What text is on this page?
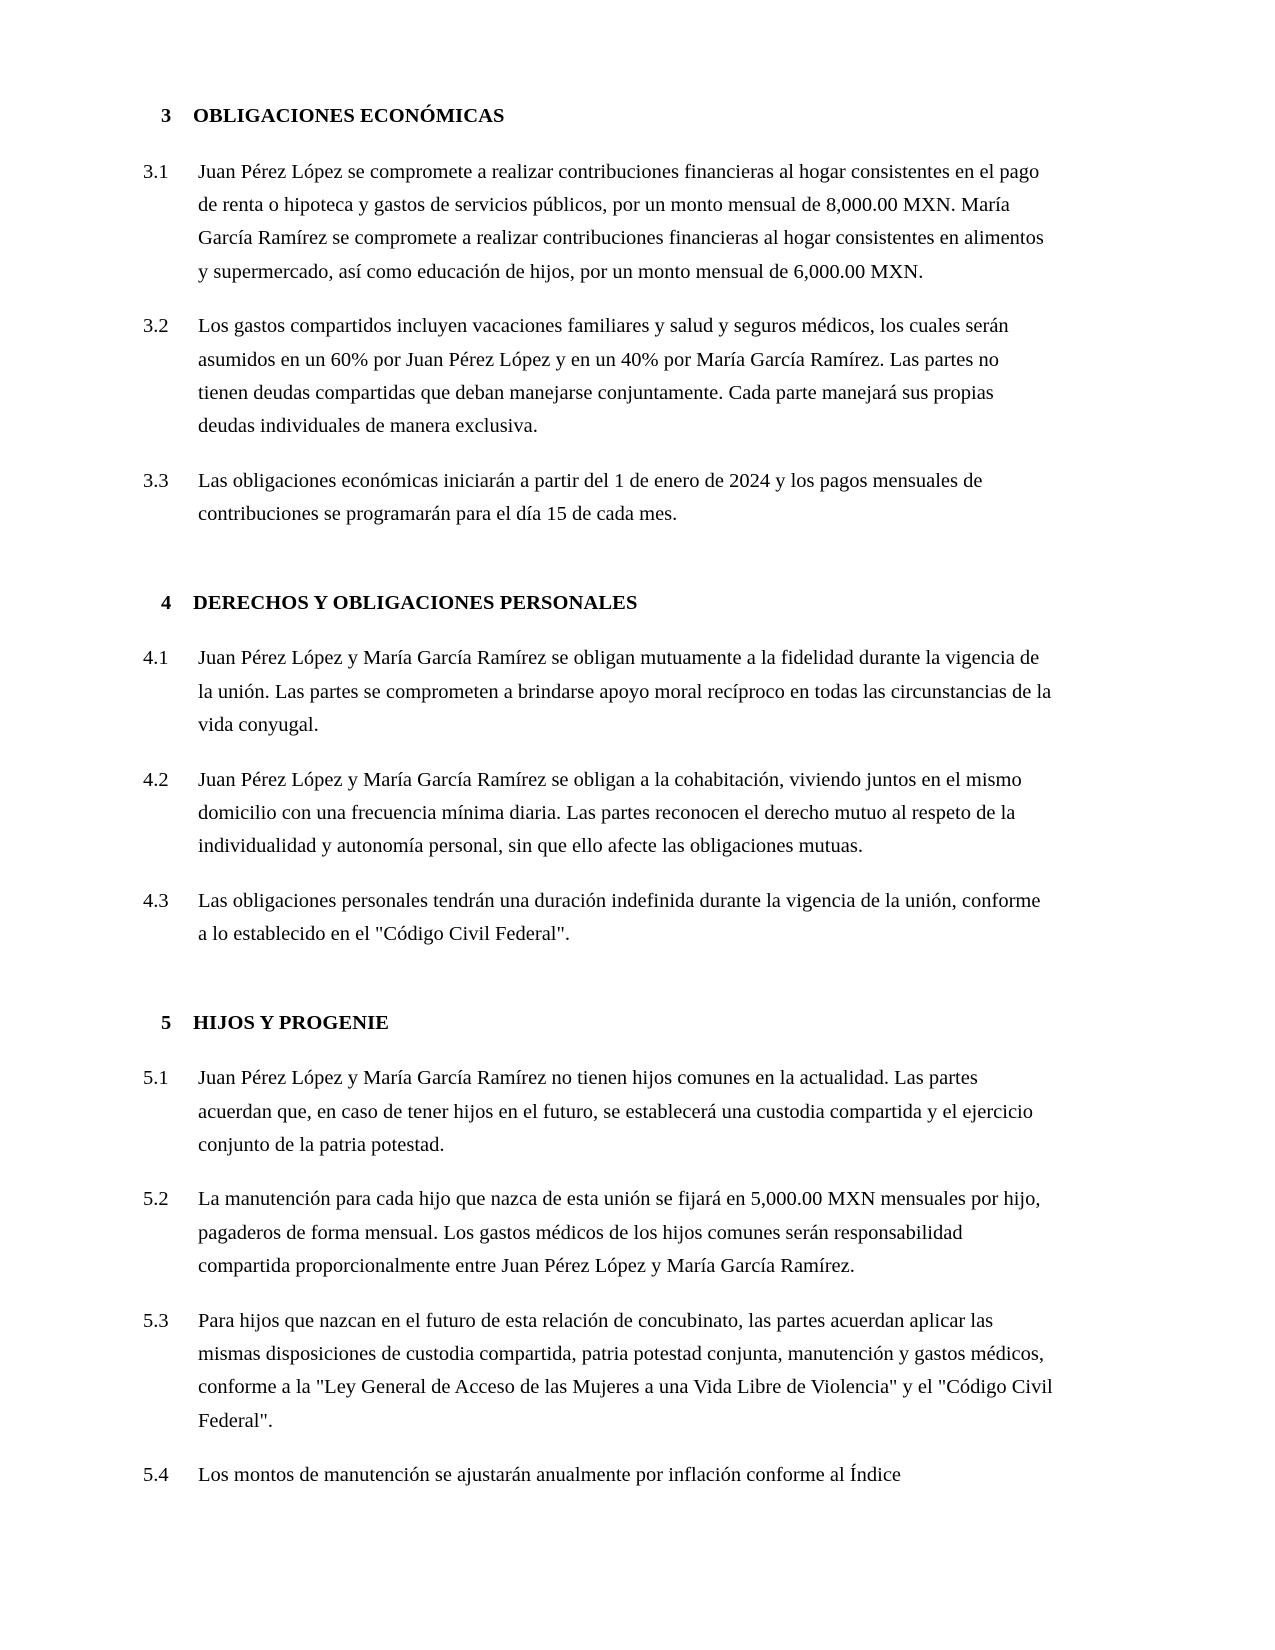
3	OBLIGACIONES ECONÓMICAS
3.1	Juan Pérez López se compromete a realizar contribuciones financieras al hogar consistentes en el pago de renta o hipoteca y gastos de servicios públicos, por un monto mensual de 8,000.00 MXN. María García Ramírez se compromete a realizar contribuciones financieras al hogar consistentes en alimentos y supermercado, así como educación de hijos, por un monto mensual de 6,000.00 MXN.
3.2	Los gastos compartidos incluyen vacaciones familiares y salud y seguros médicos, los cuales serán asumidos en un 60% por Juan Pérez López y en un 40% por María García Ramírez. Las partes no tienen deudas compartidas que deban manejarse conjuntamente. Cada parte manejará sus propias deudas individuales de manera exclusiva.
3.3	Las obligaciones económicas iniciarán a partir del 1 de enero de 2024 y los pagos mensuales de contribuciones se programarán para el día 15 de cada mes.
4	DERECHOS Y OBLIGACIONES PERSONALES
4.1	Juan Pérez López y María García Ramírez se obligan mutuamente a la fidelidad durante la vigencia de la unión. Las partes se comprometen a brindarse apoyo moral recíproco en todas las circunstancias de la vida conyugal.
4.2	Juan Pérez López y María García Ramírez se obligan a la cohabitación, viviendo juntos en el mismo domicilio con una frecuencia mínima diaria. Las partes reconocen el derecho mutuo al respeto de la individualidad y autonomía personal, sin que ello afecte las obligaciones mutuas.
4.3	Las obligaciones personales tendrán una duración indefinida durante la vigencia de la unión, conforme a lo establecido en el "Código Civil Federal".
5	HIJOS Y PROGENIE
5.1	Juan Pérez López y María García Ramírez no tienen hijos comunes en la actualidad. Las partes acuerdan que, en caso de tener hijos en el futuro, se establecerá una custodia compartida y el ejercicio conjunto de la patria potestad.
5.2	La manutención para cada hijo que nazca de esta unión se fijará en 5,000.00 MXN mensuales por hijo, pagaderos de forma mensual. Los gastos médicos de los hijos comunes serán responsabilidad compartida proporcionalmente entre Juan Pérez López y María García Ramírez.
5.3	Para hijos que nazcan en el futuro de esta relación de concubinato, las partes acuerdan aplicar las mismas disposiciones de custodia compartida, patria potestad conjunta, manutención y gastos médicos, conforme a la "Ley General de Acceso de las Mujeres a una Vida Libre de Violencia" y el "Código Civil Federal".
5.4	Los montos de manutención se ajustarán anualmente por inflación conforme al Índice
